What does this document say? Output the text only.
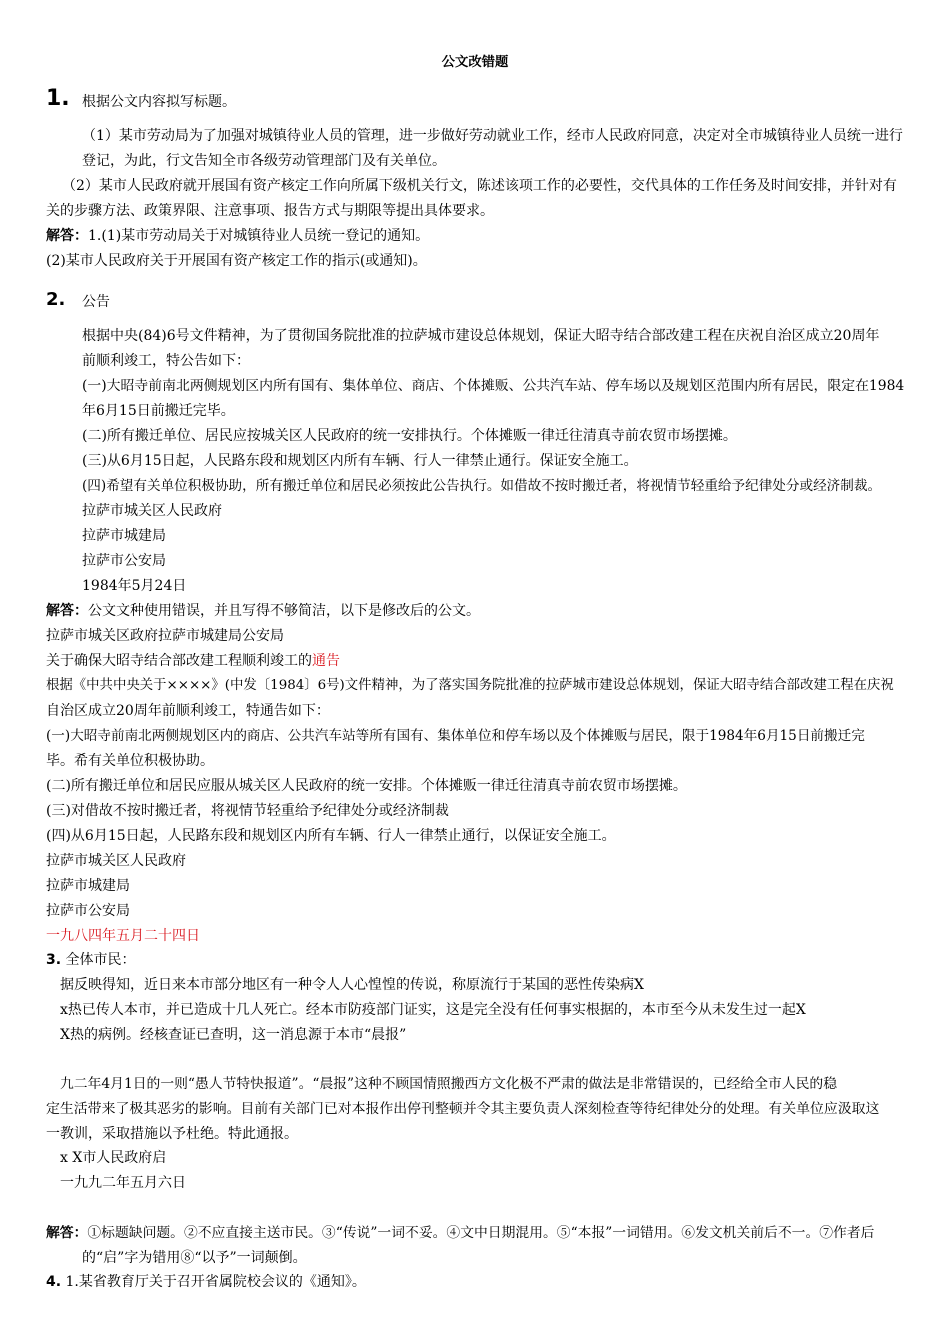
公文改错题
1. 根据公文内容拟写标题。
（1）某市劳动局为了加强对城镇待业人员的管理，进一步做好劳动就业工作，经市人民政府同意，决定对全市城镇待业人员统一进行
登记，为此，行文告知全市各级劳动管理部门及有关单位。
（2）某市人民政府就开展国有资产核定工作向所属下级机关行文，陈述该项工作的必要性，交代具体的工作任务及时间安排，并针对有
关的步骤方法、政策界限、注意事项、报告方式与期限等提出具体要求。
解答：1.(1)某市劳动局关于对城镇待业人员统一登记的通知。
(2)某市人民政府关于开展国有资产核定工作的指示(或通知)。
2. 公告
根据中央(84)6号文件精神，为了贯彻国务院批准的拉萨城市建设总体规划，保证大昭寺结合部改建工程在庆祝自治区成立20周年
前顺利竣工，特公告如下：
(一)大昭寺前南北两侧规划区内所有国有、集体单位、商店、个体摊贩、公共汽车站、停车场以及规划区范围内所有居民，限定在1984
年6月15日前搬迁完毕。
(二)所有搬迁单位、居民应按城关区人民政府的统一安排执行。个体摊贩一律迁往清真寺前农贸市场摆摊。
(三)从6月15日起，人民路东段和规划区内所有车辆、行人一律禁止通行。保证安全施工。
(四)希望有关单位积极协助，所有搬迁单位和居民必须按此公告执行。如借故不按时搬迁者，将视情节轻重给予纪律处分或经济制裁。
拉萨市城关区人民政府
拉萨市城建局
拉萨市公安局
1984年5月24日
解答：公文文种使用错误，并且写得不够简洁，以下是修改后的公文。
拉萨市城关区政府拉萨市城建局公安局
关于确保大昭寺结合部改建工程顺利竣工的通告
根据《中共中央关于××××》(中发〔1984〕6号)文件精神，为了落实国务院批准的拉萨城市建设总体规划，保证大昭寺结合部改建工程在庆祝
自治区成立20周年前顺利竣工，特通告如下：
(一)大昭寺前南北两侧规划区内的商店、公共汽车站等所有国有、集体单位和停车场以及个体摊贩与居民，限于1984年6月15日前搬迁完
毕。希有关单位积极协助。
(二)所有搬迁单位和居民应服从城关区人民政府的统一安排。个体摊贩一律迁往清真寺前农贸市场摆摊。
(三)对借故不按时搬迁者，将视情节轻重给予纪律处分或经济制裁
(四)从6月15日起，人民路东段和规划区内所有车辆、行人一律禁止通行，以保证安全施工。
拉萨市城关区人民政府
拉萨市城建局
拉萨市公安局
一九八四年五月二十四日
3. 全体市民：
据反映得知，近日来本市部分地区有一种令人人心惶惶的传说，称原流行于某国的恶性传染病X
x热已传人本市，并已造成十几人死亡。经本市防疫部门证实，这是完全没有任何事实根据的，本市至今从未发生过一起X
X热的病例。经核查证已查明，这一消息源于本市“晨报”
九二年4月1日的一则“愚人节特快报道”。“晨报”这种不顾国情照搬西方文化极不严肃的做法是非常错误的，已经给全市人民的稳
定生活带来了极其恶劣的影响。目前有关部门已对本报作出停刊整顿并令其主要负责人深刻检查等待纪律处分的处理。有关单位应汲取这
一教训，采取措施以予杜绝。特此通报。
x X市人民政府启
一九九二年五月六日
解答：①标题缺问题。②不应直接主送市民。③“传说”一词不妥。④文中日期混用。⑤“本报”一词错用。⑥发文机关前后不一。⑦作者后
的“启”字为错用⑧“以予”一词颠倒。
4. 1.某省教育厅关于召开省属院校会议的《通知》。
